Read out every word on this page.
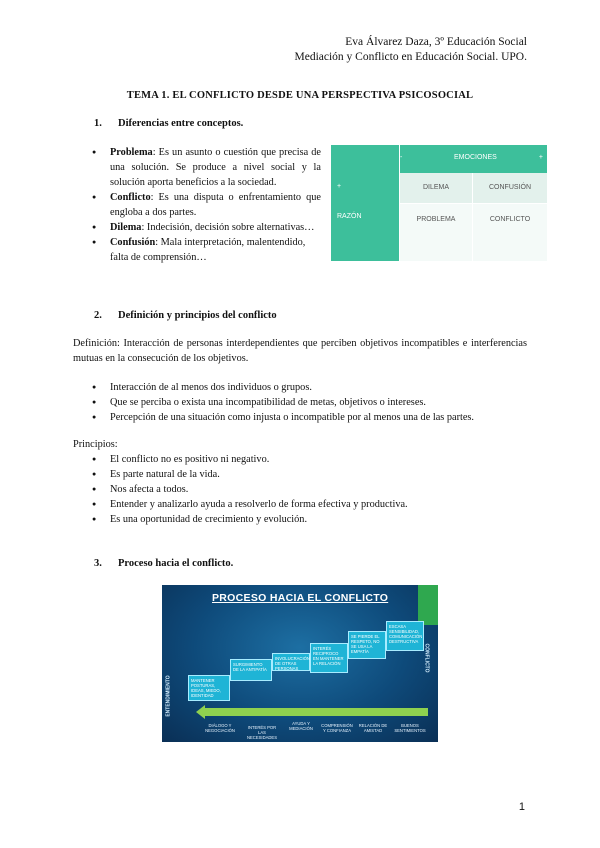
Eva Álvarez Daza, 3º Educación Social
Mediación y Conflicto en Educación Social. UPO.
TEMA 1. EL CONFLICTO DESDE UNA PERSPECTIVA PSICOSOCIAL
1. Diferencias entre conceptos.
● Problema: Es un asunto o cuestión que precisa de una solución. Se produce a nivel social y la solución aporta beneficios a la sociedad.
● Conflicto: Es una disputa o enfrentamiento que engloba a dos partes.
● Dilema: Indecisión, decisión sobre alternativas…
● Confusión: Mala interpretación, malentendido, falta de comprensión…

	- EMOCIONES +	

+	DILEMA	CONFUSIÓN
RAZÓN	PROBLEMA	CONFLICTO
2. Definición y principios del conflicto
Definición: Interacción de personas interdependientes que perciben objetivos incompatibles e interferencias mutuas en la consecución de los objetivos.
● Interacción de al menos dos individuos o grupos.
● Que se perciba o exista una incompatibilidad de metas, objetivos o intereses.
● Percepción de una situación como injusta o incompatible por al menos una de las partes.
Principios:
● El conflicto no es positivo ni negativo.
● Es parte natural de la vida.
● Nos afecta a todos.
● Entender y analizarlo ayuda a resolverlo de forma efectiva y productiva.
● Es una oportunidad de crecimiento y evolución.
3. Proceso hacia el conflicto.
PROCESO HACIA EL CONFLICTO
MANTENER POSTURAS, IDEAS, MIEDO, IDENTIDAD
SURGIMIENTO DE LA ANTIPATÍA
INVOLUCRACIÓN DE OTRAS PERSONAS
INTERÉS RECIPROCO EN MANTENER LA RELACIÓN
SE PIERDE EL RESPETO, NO SE USA LA EMPATÍA
ESCASA SENSIBILIDAD, COMUNICACIÓN DESTRUCTIVA
ENTENDIMIENTO
CONFLICTO
DIÁLOGO Y NEGOCIACIÓN
INTERÉS POR LAS NECESIDADES
AYUDA Y MEDIACIÓN
COMPRENSIÓN Y CONFIANZA
RELACIÓN DE AMISTAD
BUENOS SENTIMIENTOS
1
